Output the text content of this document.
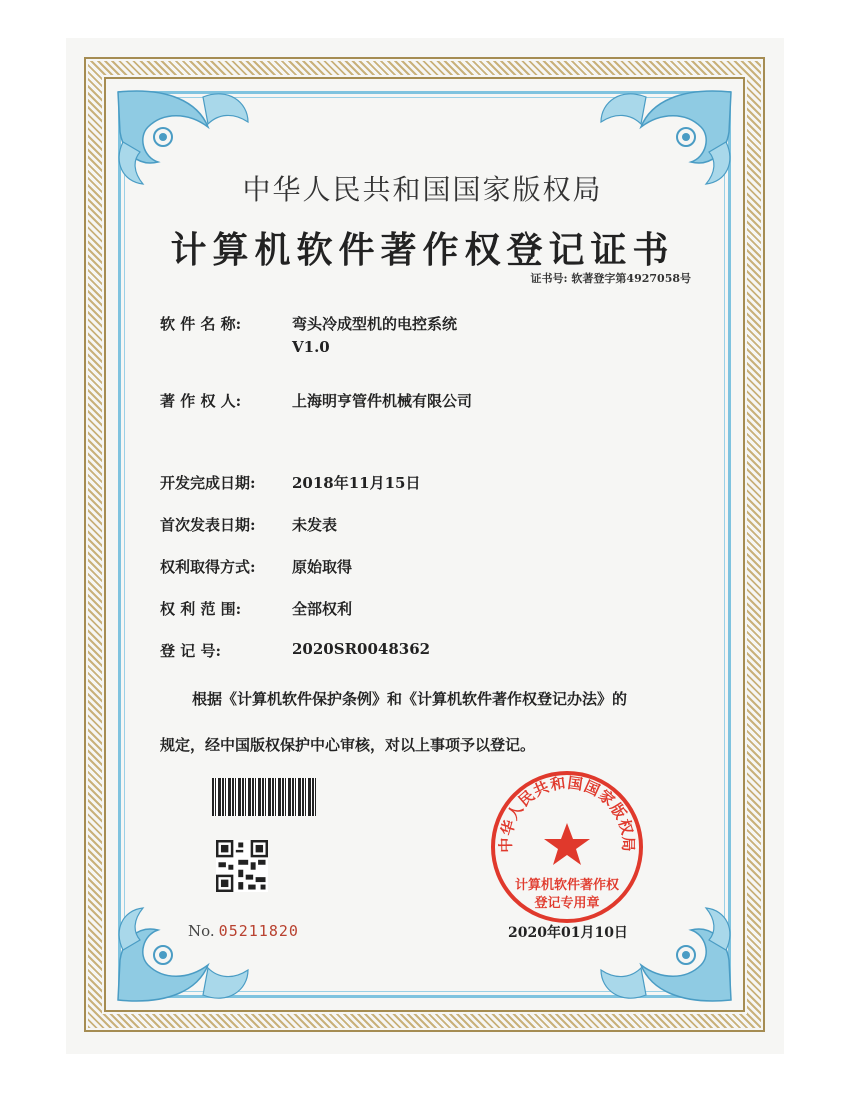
中华人民共和国国家版权局
计算机软件著作权登记证书
证书号: 软著登字第4927058号
软 件 名 称:	弯头冷成型机的电控系统
V1.0
著 作 权 人:	上海明亨管件机械有限公司
开发完成日期: 2018年11月15日
首次发表日期: 未发表
权利取得方式: 原始取得
权 利 范 围:	全部权利
登 记 号:	2020SR0048362
根据《计算机软件保护条例》和《计算机软件著作权登记办法》的
规定，经中国版权保护中心审核，对以上事项予以登记。
No. 05211820
中华人民共和国国家版权局
计算机软件著作权
登记专用章
2020年01月10日
